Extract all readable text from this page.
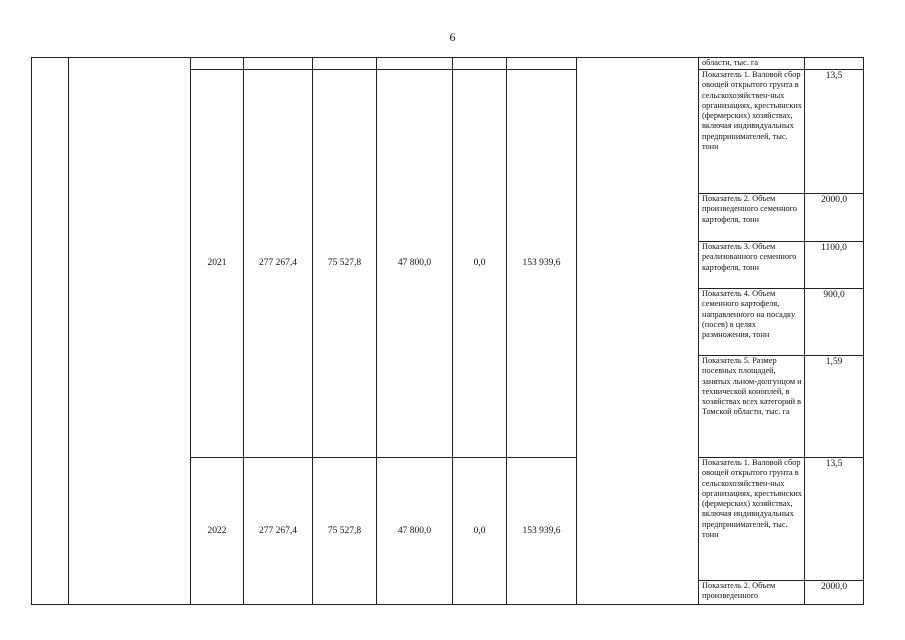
6
									области, тыс. га	
		2021	277 267,4	75 527,8	47 800,0	0,0	153 939,6		Показатель 1. Валовой сбор овощей открытого грунта в сельскохозяйствен-ных организациях, крестьянских (фермерских) хозяйствах, включая индивидуальных предпринимателей, тыс. тонн	13,5
									Показатель 2. Объем произведенного семенного картофеля, тонн	2000,0
									Показатель 3. Объем реализованного семенного картофеля, тонн	1100,0
									Показатель 4. Объем семенного картофеля, направленного на посадку (посев) в целях размножения, тонн	900,0
									Показатель 5. Размер посевных площадей, занятых льном-долгунцом и технической коноплей, в хозяйствах всех категорий в Томской области, тыс. га	1,59
		2022	277 267,4	75 527,8	47 800,0	0,0	153 939,6		Показатель 1. Валовой сбор овощей открытого грунта в сельскохозяйствен-ных организациях, крестьянских (фермерских) хозяйствах, включая индивидуальных предпринимателей, тыс. тонн	13,5
									Показатель 2. Объем произведенного	2000,0
